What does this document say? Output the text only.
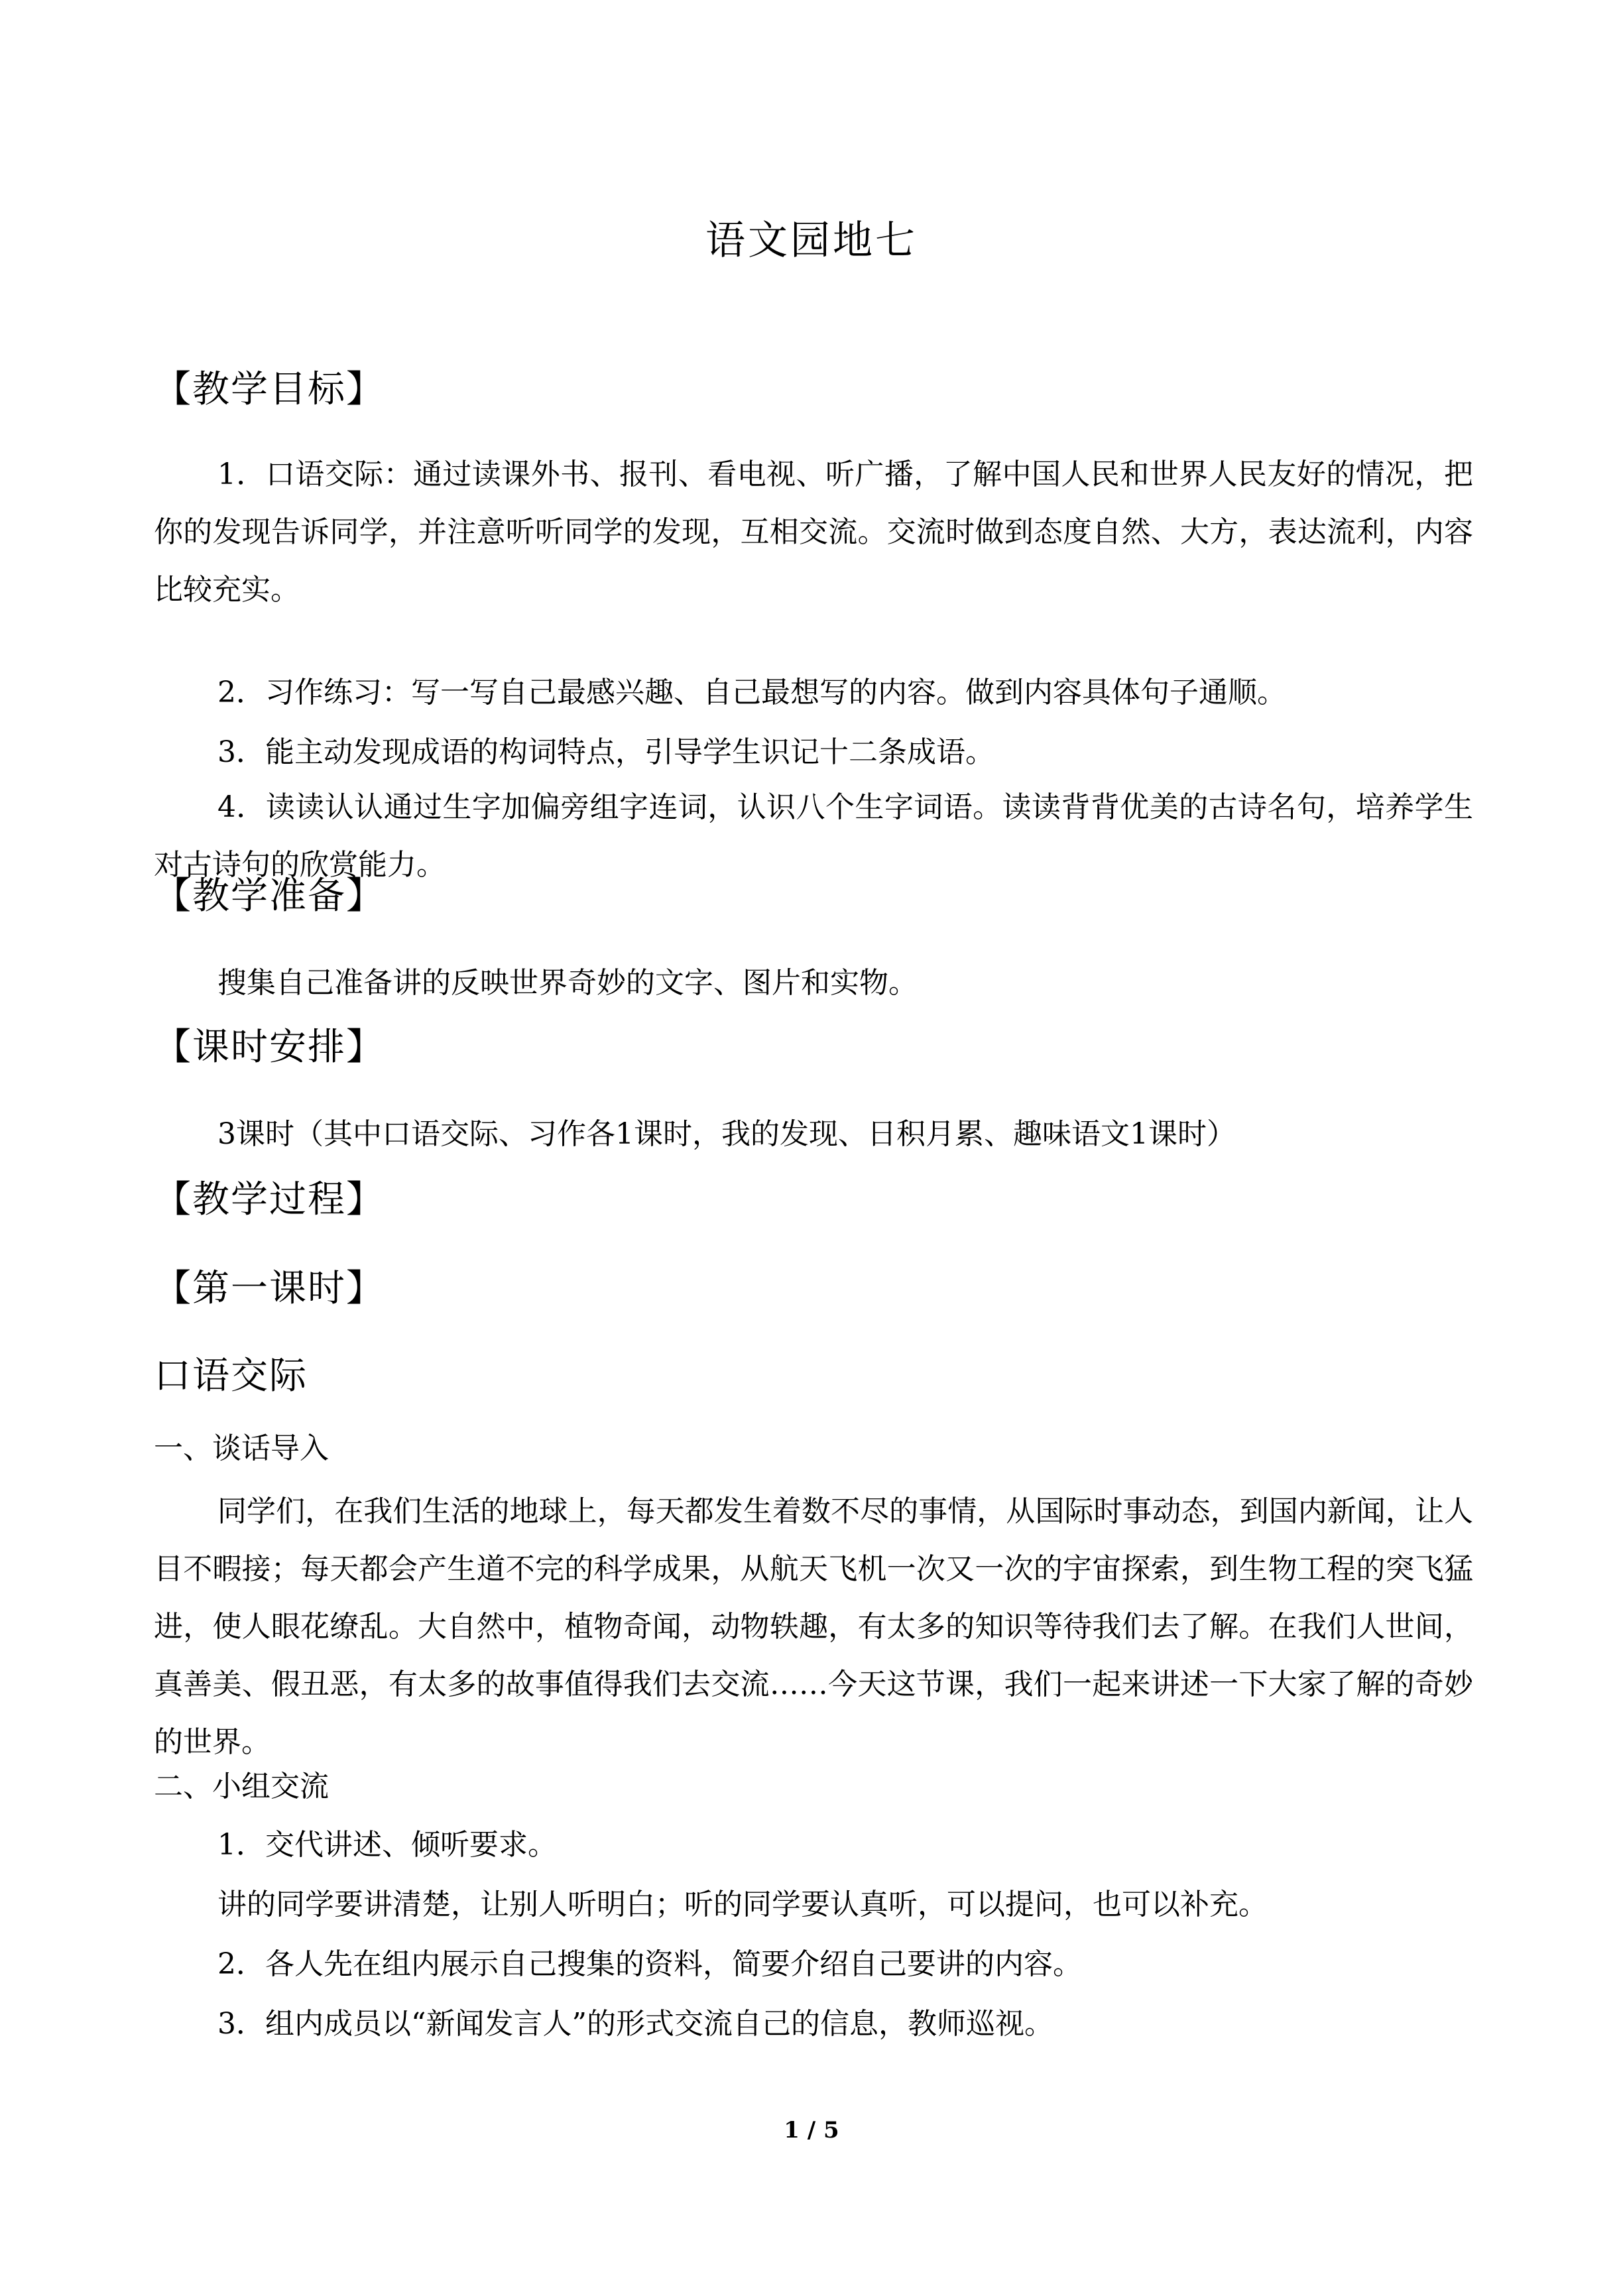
语文园地七
【教学目标】
1．口语交际：通过读课外书、报刊、看电视、听广播，了解中国人民和世界人民友好的情况，把你的发现告诉同学，并注意听听同学的发现，互相交流。交流时做到态度自然、大方，表达流利，内容比较充实。
2．习作练习：写一写自己最感兴趣、自己最想写的内容。做到内容具体句子通顺。
3．能主动发现成语的构词特点，引导学生识记十二条成语。
4．读读认认通过生字加偏旁组字连词，认识八个生字词语。读读背背优美的古诗名句，培养学生对古诗句的欣赏能力。
【教学准备】
搜集自己准备讲的反映世界奇妙的文字、图片和实物。
【课时安排】
3课时（其中口语交际、习作各1课时，我的发现、日积月累、趣味语文1课时）
【教学过程】
【第一课时】
口语交际
一、谈话导入
同学们，在我们生活的地球上，每天都发生着数不尽的事情，从国际时事动态，到国内新闻，让人目不暇接；每天都会产生道不完的科学成果，从航天飞机一次又一次的宇宙探索，到生物工程的突飞猛进，使人眼花缭乱。大自然中，植物奇闻，动物轶趣，有太多的知识等待我们去了解。在我们人世间，真善美、假丑恶，有太多的故事值得我们去交流……今天这节课，我们一起来讲述一下大家了解的奇妙的世界。
二、小组交流
1．交代讲述、倾听要求。
讲的同学要讲清楚，让别人听明白；听的同学要认真听，可以提问，也可以补充。
2．各人先在组内展示自己搜集的资料，简要介绍自己要讲的内容。
3．组内成员以“新闻发言人”的形式交流自己的信息，教师巡视。
1 / 5
